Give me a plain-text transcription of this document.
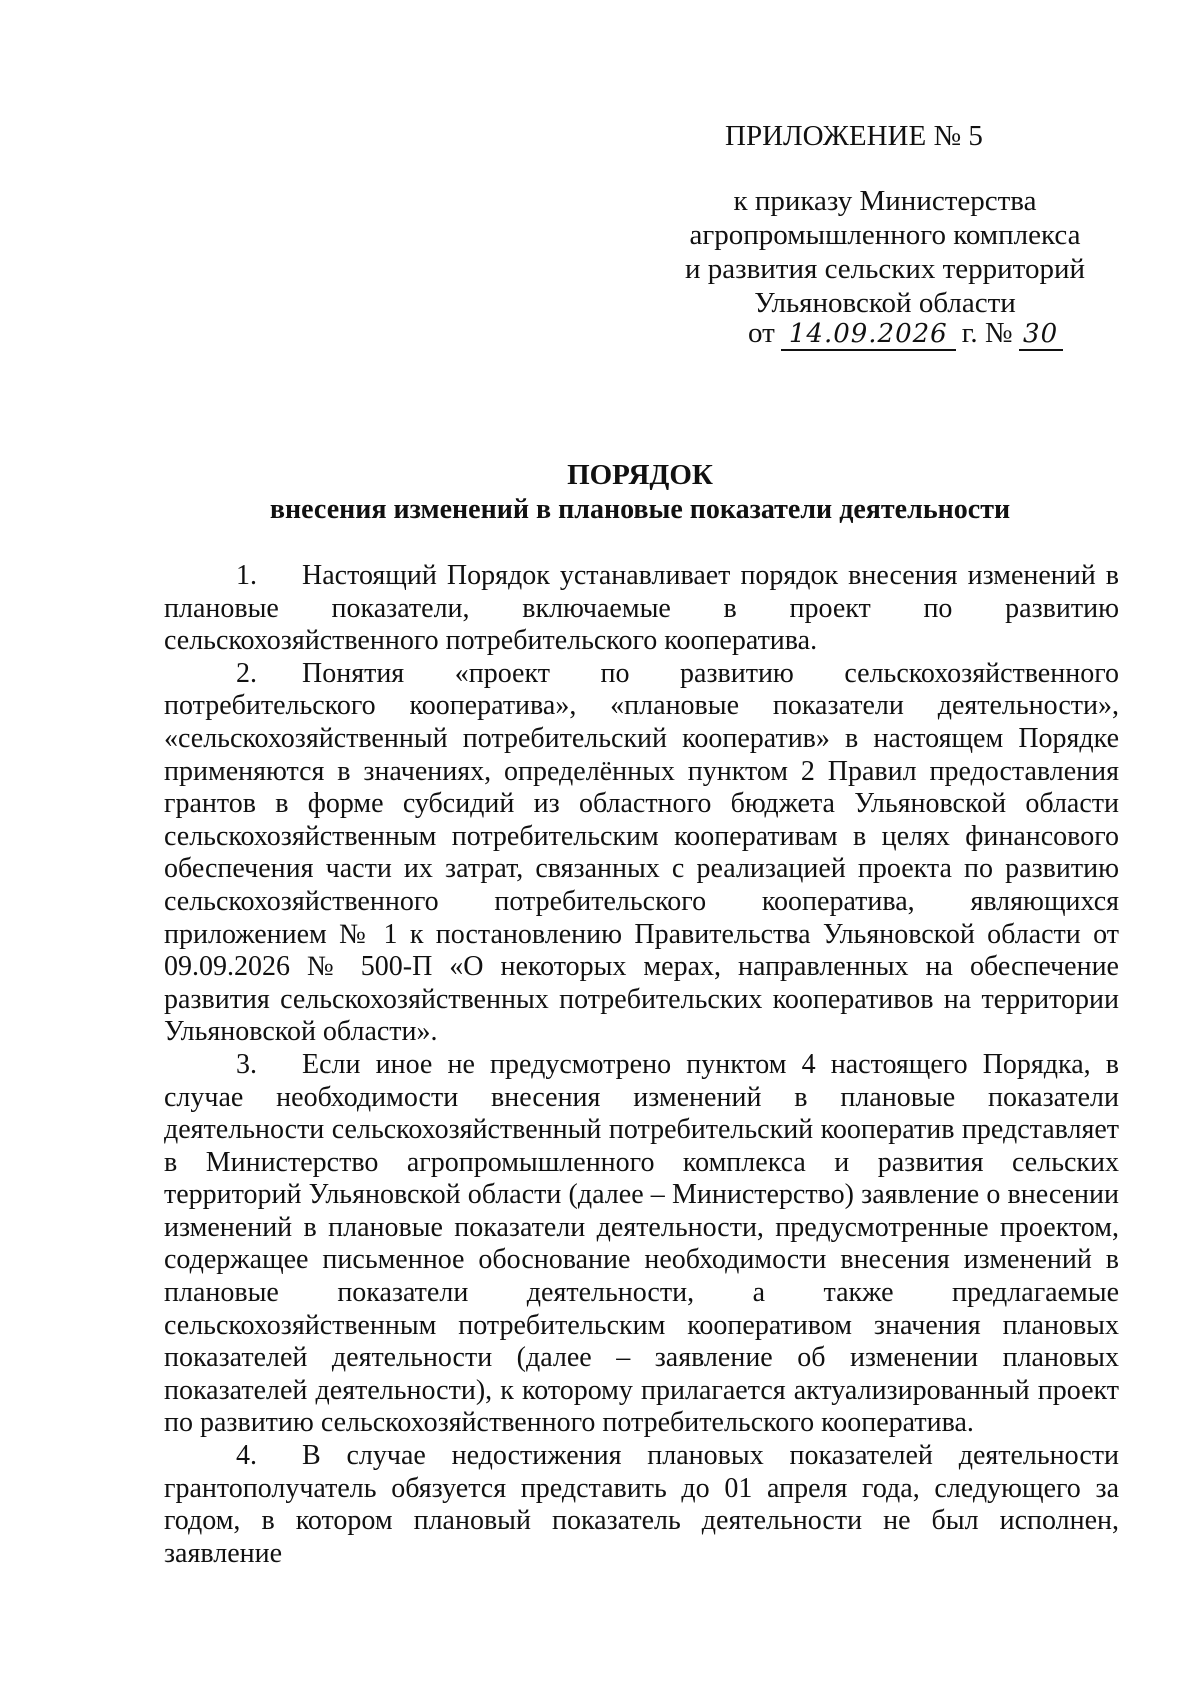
ПРИЛОЖЕНИЕ № 5
к приказу Министерства
агропромышленного комплекса
и развития сельских территорий
Ульяновской области
от 14.09.2026 г. № 30
ПОРЯДОК
внесения изменений в плановые показатели деятельности

1. Настоящий Порядок устанавливает порядок внесения изменений в плановые показатели, включаемые в проект по развитию сельскохозяйственного потребительского кооператива.

2. Понятия «проект по развитию сельскохозяйственного потребительского кооператива», «плановые показатели деятельности», «сельскохозяйственный потребительский кооператив» в настоящем Порядке применяются в значениях, определённых пунктом 2 Правил предоставления грантов в форме субсидий из областного бюджета Ульяновской области сельскохозяйственным потребительским кооперативам в целях финансового обеспечения части их затрат, связанных с реализацией проекта по развитию сельскохозяйственного потребительского кооператива, являющихся приложением № 1 к постановлению Правительства Ульяновской области от 09.09.2026 № 500-П «О некоторых мерах, направленных на обеспечение развития сельскохозяйственных потребительских кооперативов на территории Ульяновской области».

3. Если иное не предусмотрено пунктом 4 настоящего Порядка, в случае необходимости внесения изменений в плановые показатели деятельности сельскохозяйственный потребительский кооператив представляет в Министерство агропромышленного комплекса и развития сельских территорий Ульяновской области (далее – Министерство) заявление о внесении изменений в плановые показатели деятельности, предусмотренные проектом, содержащее письменное обоснование необходимости внесения изменений в плановые показатели деятельности, а также предлагаемые сельскохозяйственным потребительским кооперативом значения плановых показателей деятельности (далее – заявление об изменении плановых показателей деятельности), к которому прилагается актуализированный проект по развитию сельскохозяйственного потребительского кооператива.

4. В случае недостижения плановых показателей деятельности грантополучатель обязуется представить до 01 апреля года, следующего за годом, в котором плановый показатель деятельности не был исполнен, заявление
